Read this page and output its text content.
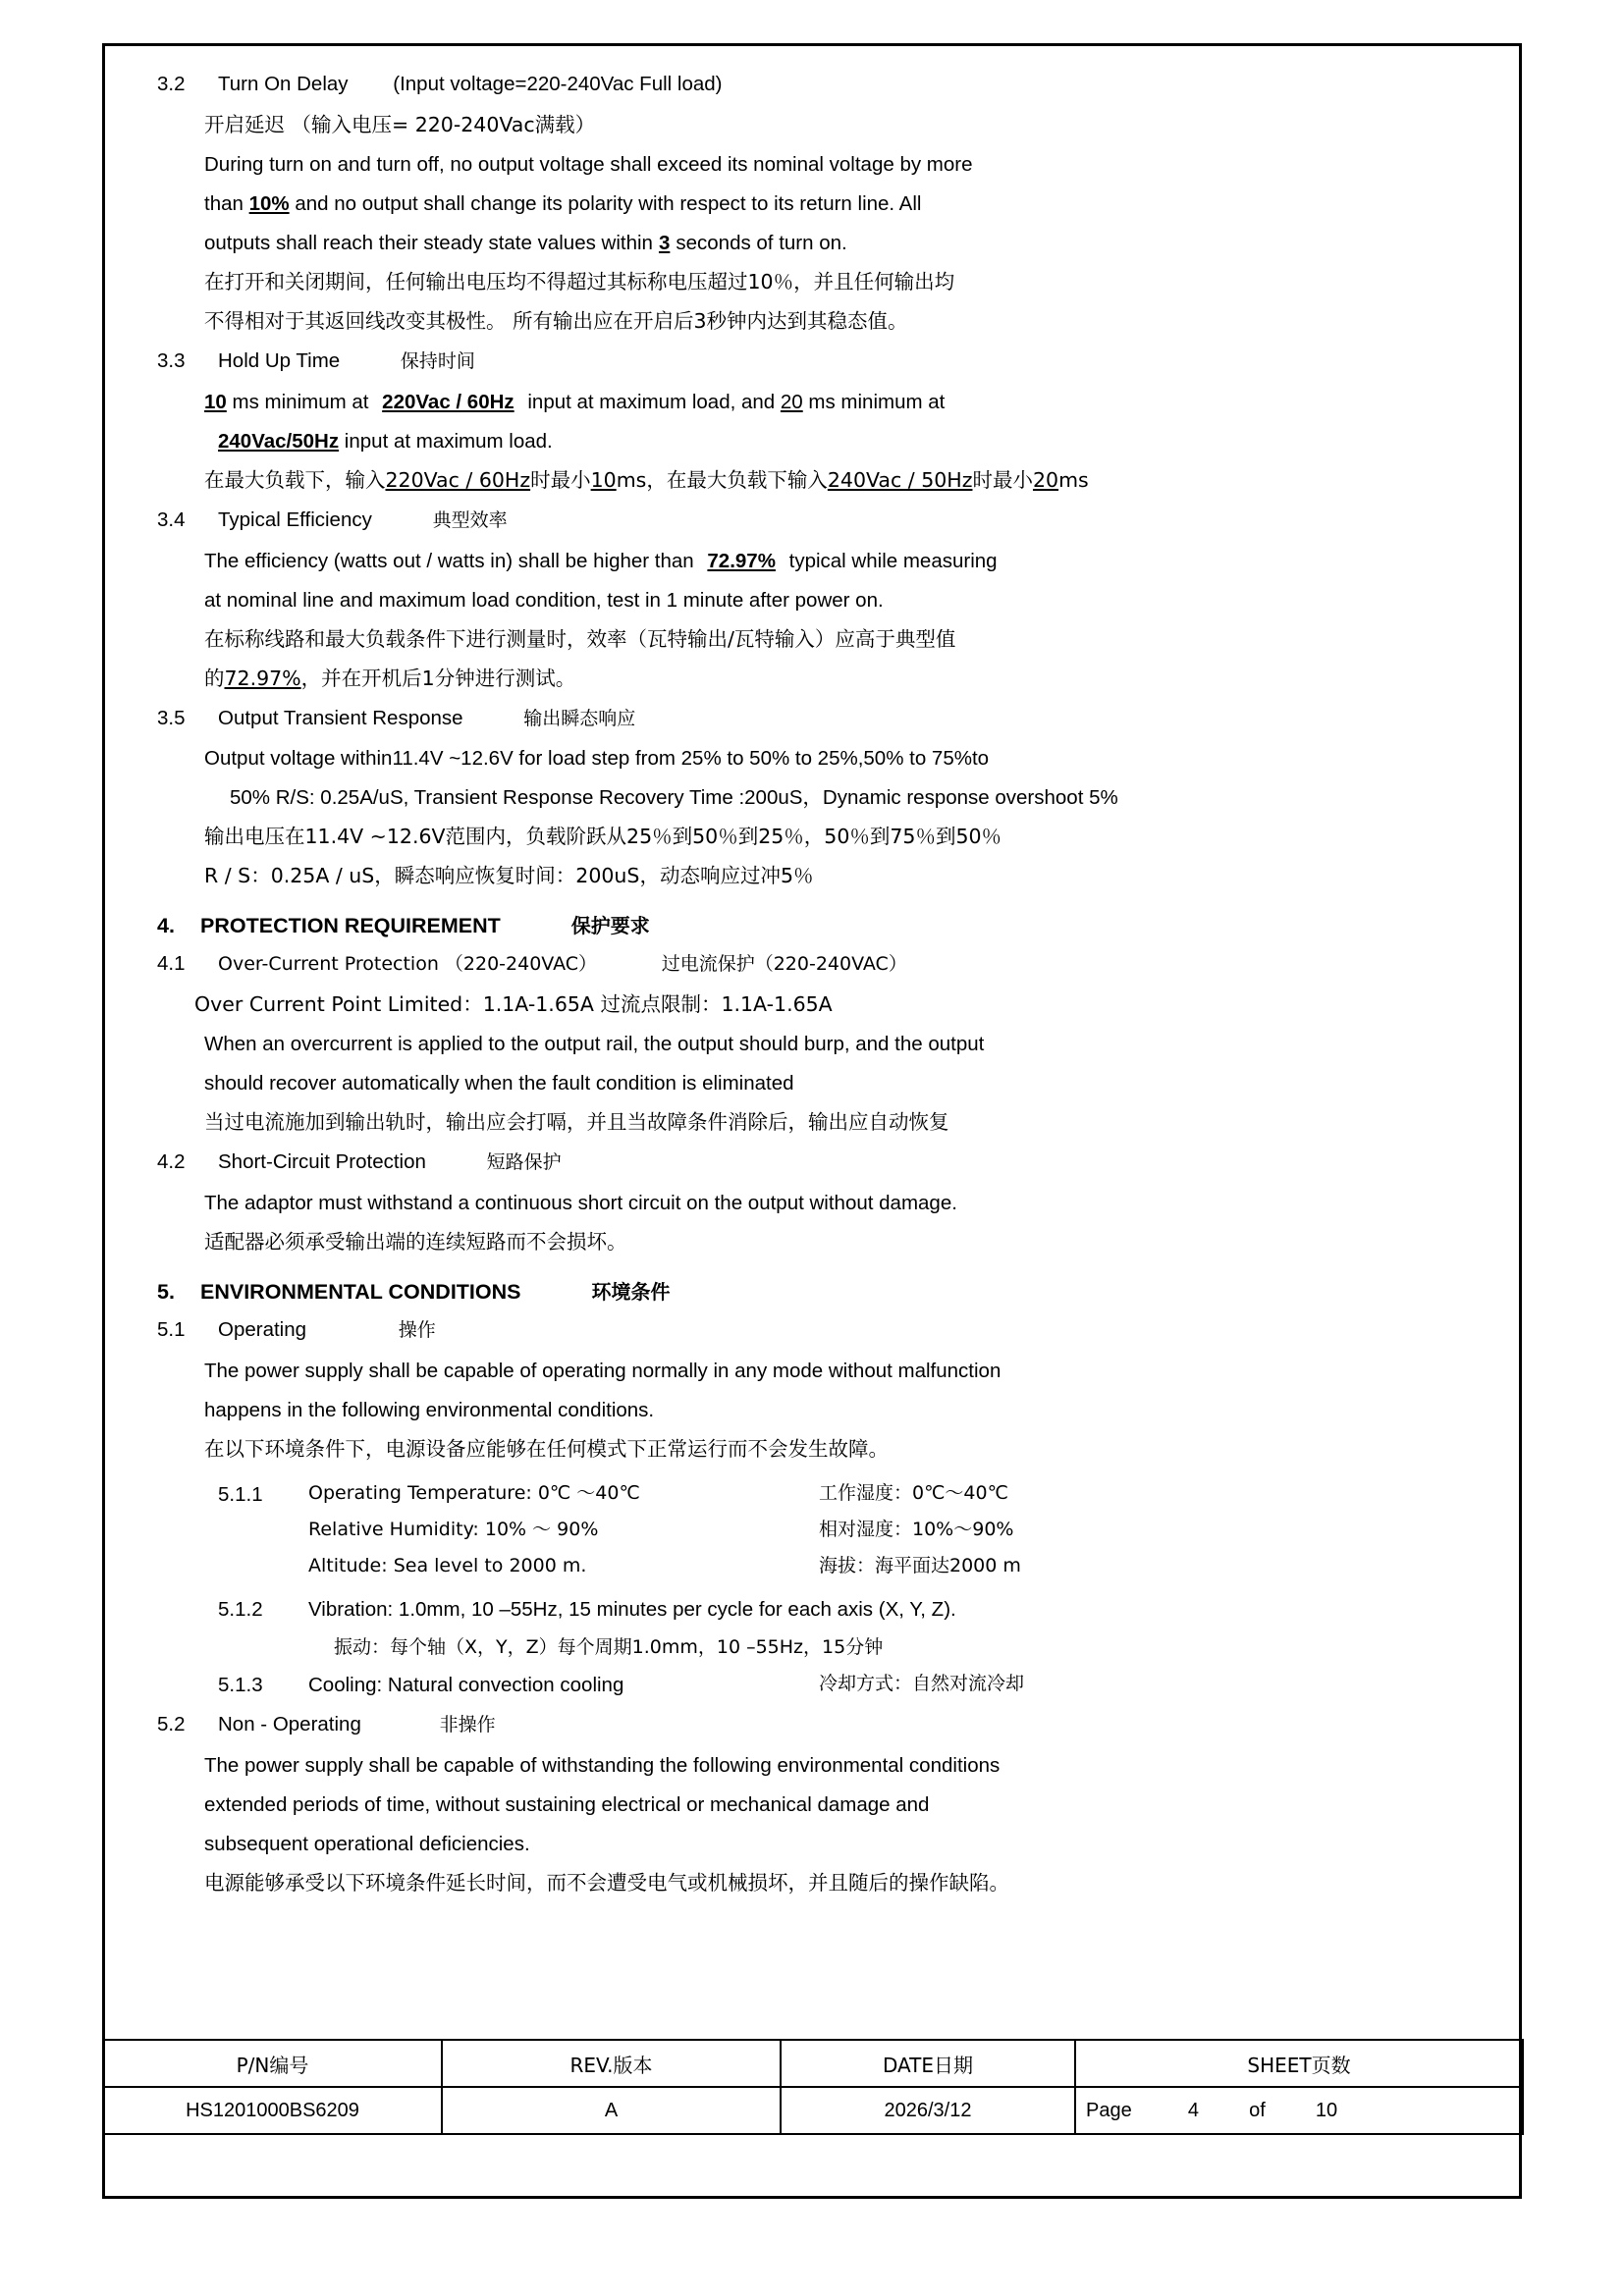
3.2	Turn On Delay (Input voltage=220-240Vac Full load)
开启延迟 （输入电压= 220-240Vac满载）
During turn on and turn off, no output voltage shall exceed its nominal voltage by more
than 10% and no output shall change its polarity with respect to its return line. All
outputs shall reach their steady state values within 3 seconds of turn on.
在打开和关闭期间，任何输出电压均不得超过其标称电压超过10％，并且任何输出均
不得相对于其返回线改变其极性。 所有输出应在开启后3秒钟内达到其稳态值。
3.3	Hold Up Time	保持时间
10 ms minimum at 220Vac / 60Hz input at maximum load, and 20 ms minimum at
240Vac/50Hz input at maximum load.
在最大负载下，输入220Vac / 60Hz时最小10ms，在最大负载下输入240Vac / 50Hz时最小20ms
3.4	Typical Efficiency	典型效率
The efficiency (watts out / watts in) shall be higher than 72.97% typical while measuring
at nominal line and maximum load condition, test in 1 minute after power on.
在标称线路和最大负载条件下进行测量时，效率（瓦特输出/瓦特输入）应高于典型值
的72.97%，并在开机后1分钟进行测试。
3.5	Output Transient Response	输出瞬态响应
Output voltage within11.4V ~12.6V for load step from 25% to 50% to 25%,50% to 75%to
50% R/S: 0.25A/uS, Transient Response Recovery Time :200uS，Dynamic response overshoot 5%
输出电压在11.4V ~12.6V范围内，负载阶跃从25％到50％到25％，50％到75％到50％
R / S：0.25A / uS，瞬态响应恢复时间：200uS，动态响应过冲5％
4.	PROTECTION REQUIREMENT	保护要求
4.1	Over-Current Protection （220-240VAC）	过电流保护（220-240VAC）
Over Current Point Limited：1.1A-1.65A 过流点限制：1.1A-1.65A
When an overcurrent is applied to the output rail, the output should burp, and the output
should recover automatically when the fault condition is eliminated
当过电流施加到输出轨时，输出应会打嗝，并且当故障条件消除后，输出应自动恢复
4.2	Short-Circuit Protection	短路保护
The adaptor must withstand a continuous short circuit on the output without damage.
适配器必须承受输出端的连续短路而不会损坏。
5.	ENVIRONMENTAL CONDITIONS	环境条件
5.1	Operating	操作
The power supply shall be capable of operating normally in any mode without malfunction
happens in the following environmental conditions.
在以下环境条件下，电源设备应能够在任何模式下正常运行而不会发生故障。
5.1.1	Operating Temperature: 0℃ ～40℃	工作湿度：0℃～40℃
Relative Humidity: 10% ～ 90%	相对湿度：10%～90%
Altitude: Sea level to 2000 m.	海拔：海平面达2000 m
5.1.2	Vibration: 1.0mm, 10 –55Hz, 15 minutes per cycle for each axis (X, Y, Z).
振动：每个轴（X，Y，Z）每个周期1.0mm，10 –55Hz，15分钟
5.1.3	Cooling: Natural convection cooling	冷却方式：自然对流冷却
5.2	Non - Operating	非操作
The power supply shall be capable of withstanding the following environmental conditions
extended periods of time, without sustaining electrical or mechanical damage and
subsequent operational deficiencies.
电源能够承受以下环境条件延长时间，而不会遭受电气或机械损坏，并且随后的操作缺陷。
P/N编号	REV.版本	DATE日期	SHEET页数
HS1201000BS6209	A	2026/3/12	Page 4 of 10
